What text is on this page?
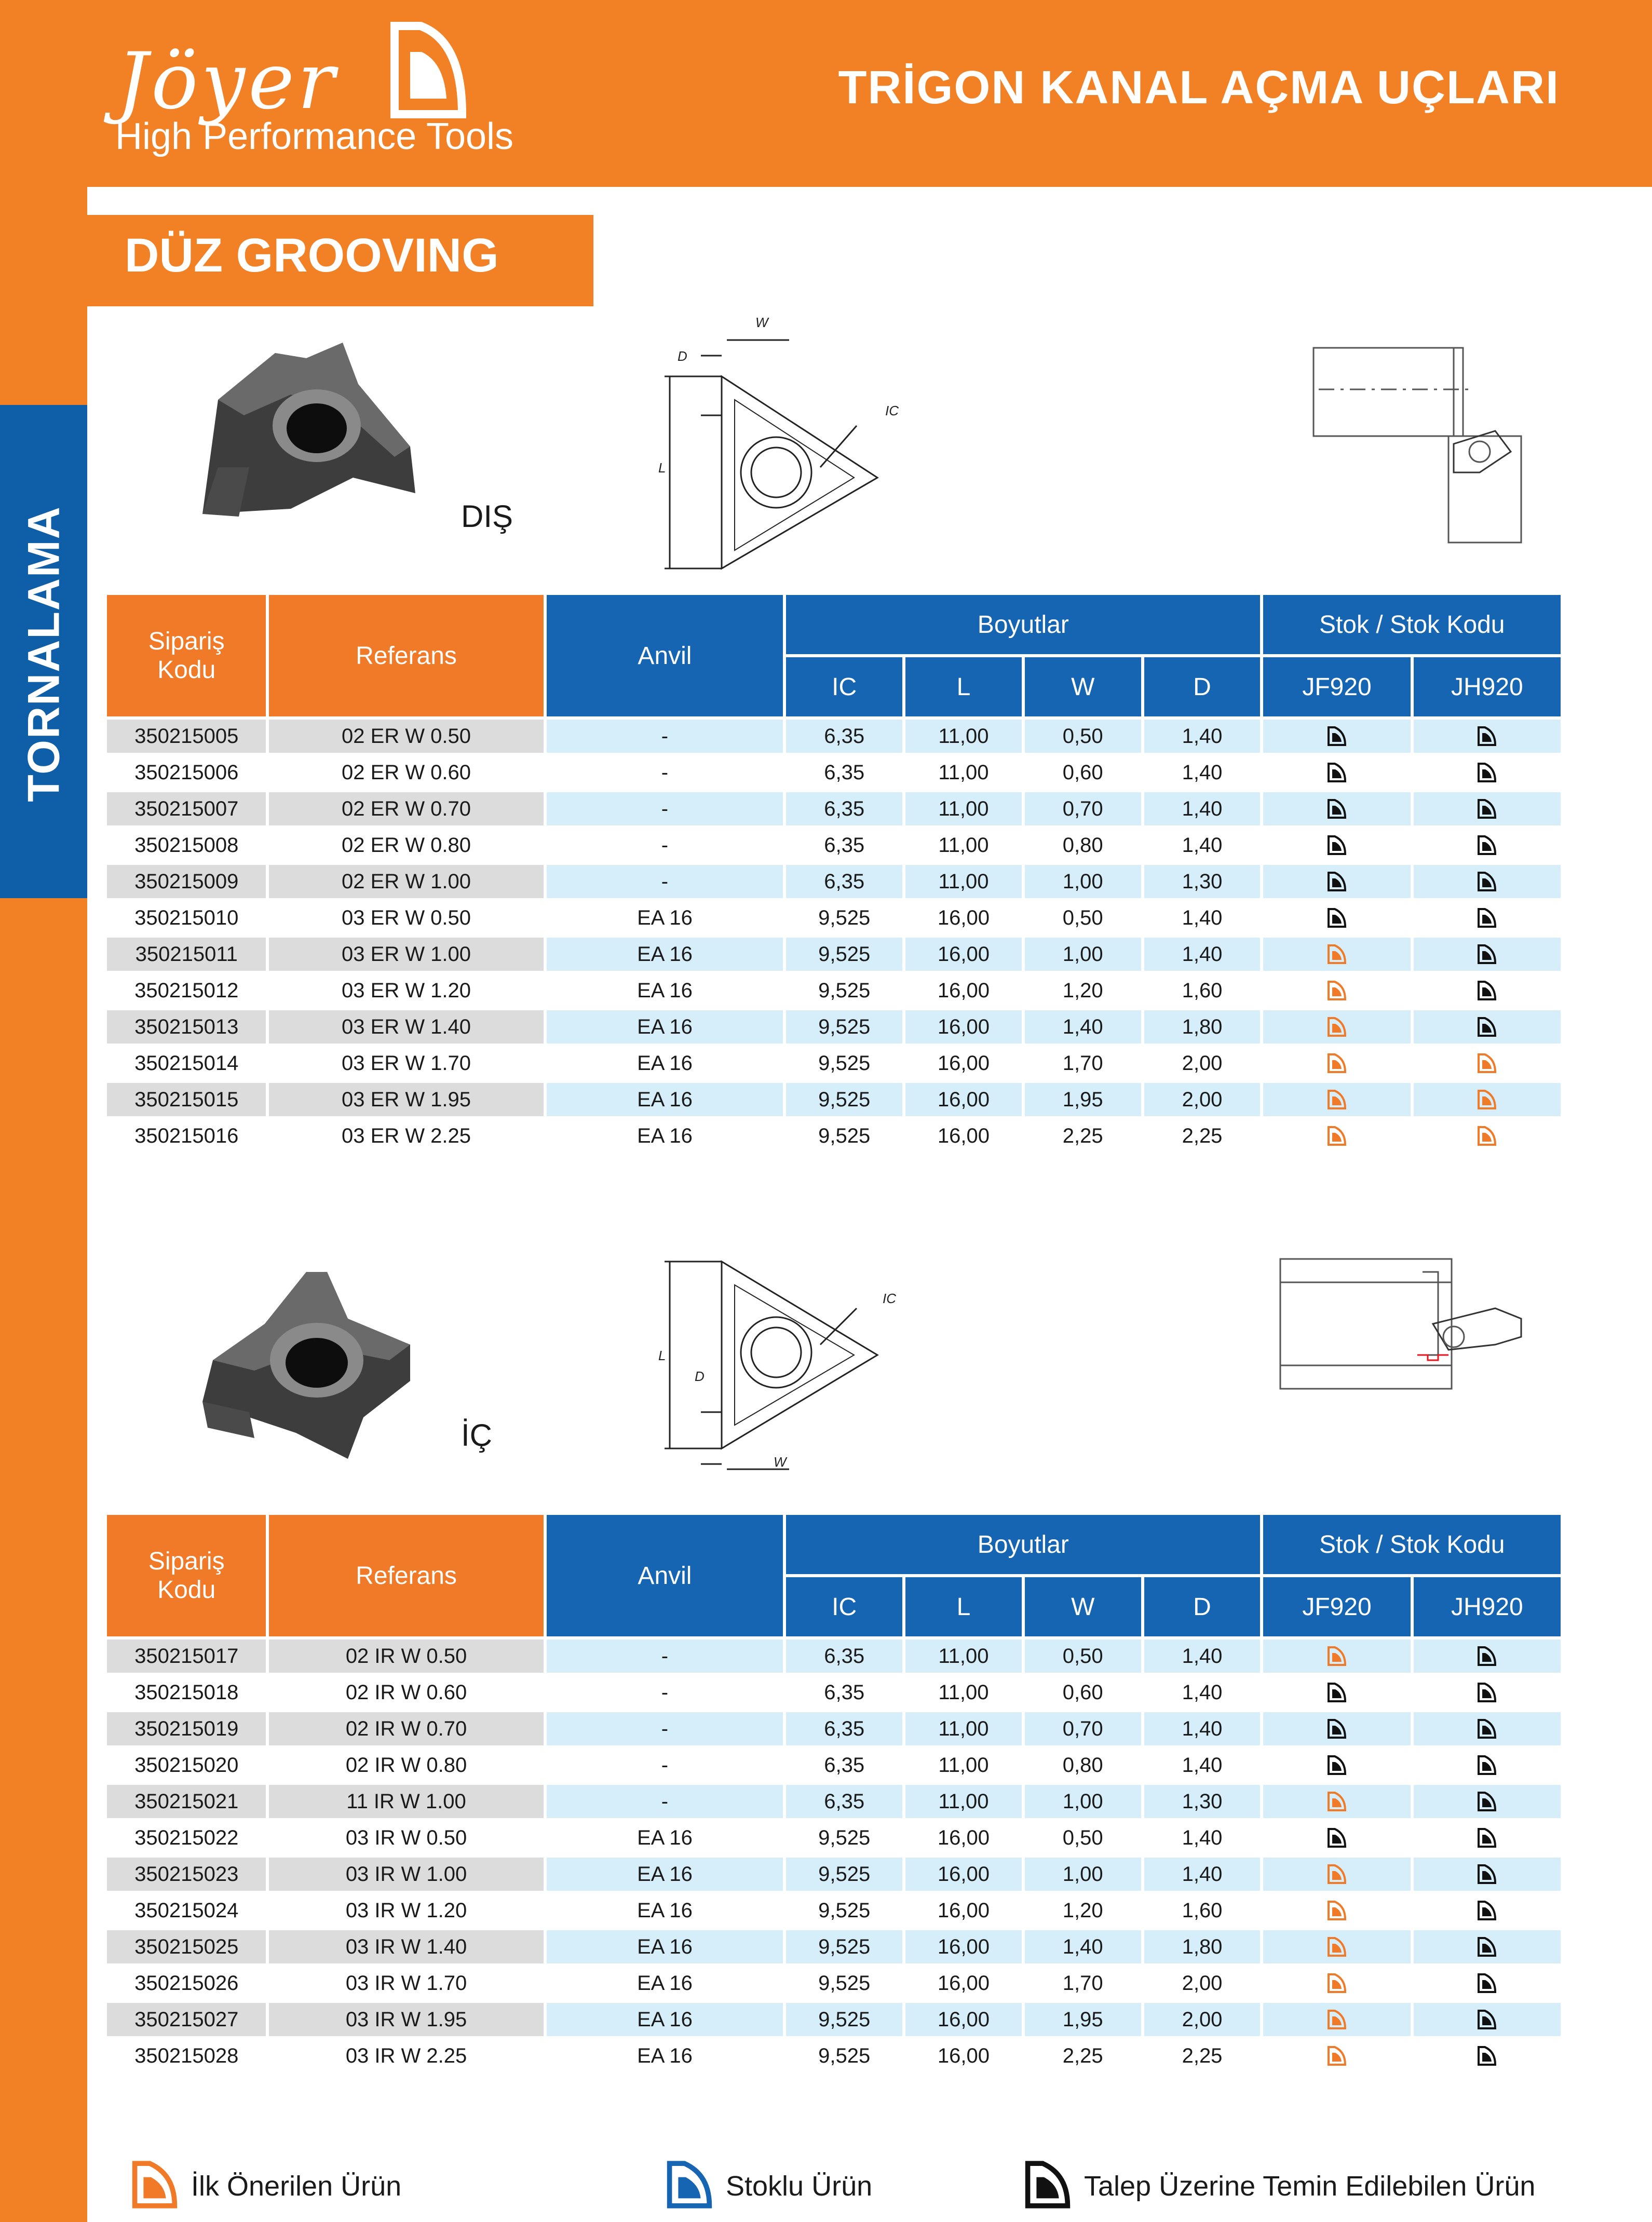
Jöyer
High Performance Tools
TRİGON KANAL AÇMA UÇLARI
DÜZ GROOVING
TORNALAMA	DIŞ
W
D
IC
L
Sipariş
Kodu	Referans	Anvil	Boyutlar				Stok / Stok Kodu	
			IC	L	W	D	JF920	JH920
350215005	02 ER W 0.50	-	6,35	11,00	0,50	1,40	

350215006	02 ER W 0.60	-	6,35	11,00	0,60	1,40	

350215007	02 ER W 0.70	-	6,35	11,00	0,70	1,40	

350215008	02 ER W 0.80	-	6,35	11,00	0,80	1,40	

350215009	02 ER W 1.00	-	6,35	11,00	1,00	1,30	

350215010	03 ER W 0.50	EA 16	9,525	16,00	0,50	1,40	

350215011	03 ER W 1.00	EA 16	9,525	16,00	1,00	1,40	

350215012	03 ER W 1.20	EA 16	9,525	16,00	1,20	1,60	

350215013	03 ER W 1.40	EA 16	9,525	16,00	1,40	1,80	

350215014	03 ER W 1.70	EA 16	9,525	16,00	1,70	2,00	

350215015	03 ER W 1.95	EA 16	9,525	16,00	1,95	2,00	

350215016	03 ER W 2.25	EA 16	9,525	16,00	2,25	2,25	

İÇ
IC
L
D
W
Sipariş
Kodu	Referans	Anvil	Boyutlar				Stok / Stok Kodu	
			IC	L	W	D	JF920	JH920
350215017	02 IR W 0.50	-	6,35	11,00	0,50	1,40	

350215018	02 IR W 0.60	-	6,35	11,00	0,60	1,40	

350215019	02 IR W 0.70	-	6,35	11,00	0,70	1,40	

350215020	02 IR W 0.80	-	6,35	11,00	0,80	1,40	

350215021	11 IR W 1.00	-	6,35	11,00	1,00	1,30	

350215022	03 IR W 0.50	EA 16	9,525	16,00	0,50	1,40	

350215023	03 IR W 1.00	EA 16	9,525	16,00	1,00	1,40	

350215024	03 IR W 1.20	EA 16	9,525	16,00	1,20	1,60	

350215025	03 IR W 1.40	EA 16	9,525	16,00	1,40	1,80	

350215026	03 IR W 1.70	EA 16	9,525	16,00	1,70	2,00	

350215027	03 IR W 1.95	EA 16	9,525	16,00	1,95	2,00	

350215028	03 IR W 2.25	EA 16	9,525	16,00	2,25	2,25	

İlk Önerilen Ürün	Stoklu Ürün	Talep Üzerine Temin Edilebilen Ürün
